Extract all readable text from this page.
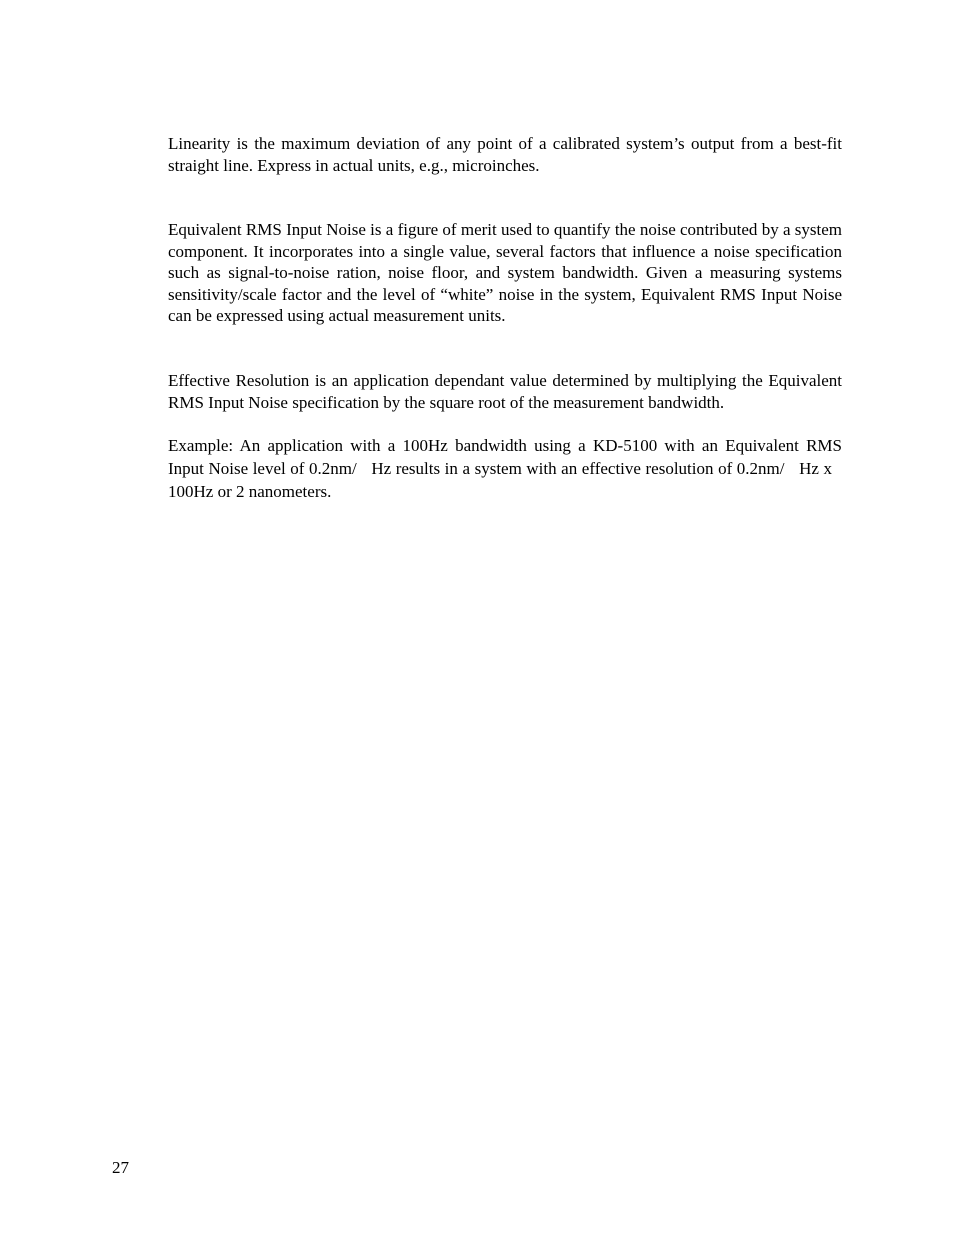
Linearity is the maximum deviation of any point of a calibrated system’s output from a best-fit straight line. Express in actual units, e.g., microinches.

Equivalent RMS Input Noise is a figure of merit used to quantify the noise contributed by a system component. It incorporates into a single value, several factors that influence a noise specification such as signal-to-noise ration, noise floor, and system bandwidth. Given a measuring systems sensitivity/scale factor and the level of “white” noise in the system, Equivalent RMS Input Noise can be expressed using actual measurement units.

Effective Resolution is an application dependant value determined by multiplying the Equivalent RMS Input Noise specification by the square root of the measurement bandwidth.

Example: An application with a 100Hz bandwidth using a KD-5100 with an Equivalent RMS Input Noise level of 0.2nm/ Hz results in a system with an effective resolution of 0.2nm/ Hz x 100Hz or 2 nanometers.

27
